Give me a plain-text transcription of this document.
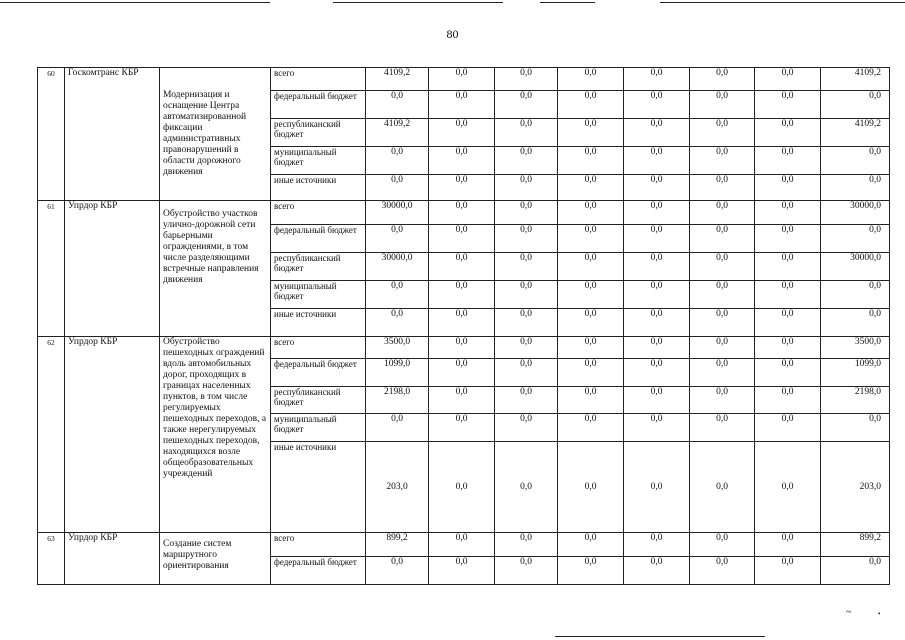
80
60	Госкомтранс КБР	Модернизация и оснащение Центра автоматизированной фиксации административных правонарушений в области дорожного движения	всего	4109,2	0,0	0,0	0,0	0,0	0,0	0,0	4109,2
			федеральный бюджет	0,0	0,0	0,0	0,0	0,0	0,0	0,0	0,0
			республиканский бюджет	4109,2	0,0	0,0	0,0	0,0	0,0	0,0	4109,2
			муниципальный бюджет	0,0	0,0	0,0	0,0	0,0	0,0	0,0	0,0
			иные источники	0,0	0,0	0,0	0,0	0,0	0,0	0,0	0,0
61	Упрдор КБР	Обустройство участков улично-дорожной сети барьерными ограждениями, в том числе разделяющими встречные направления движения	всего	30000,0	0,0	0,0	0,0	0,0	0,0	0,0	30000,0
			федеральный бюджет	0,0	0,0	0,0	0,0	0,0	0,0	0,0	0,0
			республиканский бюджет	30000,0	0,0	0,0	0,0	0,0	0,0	0,0	30000,0
			муниципальный бюджет	0,0	0,0	0,0	0,0	0,0	0,0	0,0	0,0
			иные источники	0,0	0,0	0,0	0,0	0,0	0,0	0,0	0,0
62	Упрдор КБР	Обустройство пешеходных ограждений вдоль автомобильных дорог, проходящих в границах населенных пунктов, в том числе регулируемых пешеходных переходов, а также нерегулируемых пешеходных переходов, находящихся возле общеобразовательных учреждений	всего	3500,0	0,0	0,0	0,0	0,0	0,0	0,0	3500,0
			федеральный бюджет	1099,0	0,0	0,0	0,0	0,0	0,0	0,0	1099,0
			республиканский бюджет	2198,0	0,0	0,0	0,0	0,0	0,0	0,0	2198,0
			муниципальный бюджет	0,0	0,0	0,0	0,0	0,0	0,0	0,0	0,0
			иные источники	203,0	0,0	0,0	0,0	0,0	0,0	0,0	203,0
63	Упрдор КБР	Создание систем маршрутного ориентирования	всего	899,2	0,0	0,0	0,0	0,0	0,0	0,0	899,2
			федеральный бюджет	0,0	0,0	0,0	0,0	0,0	0,0	0,0	0,0
~	•
